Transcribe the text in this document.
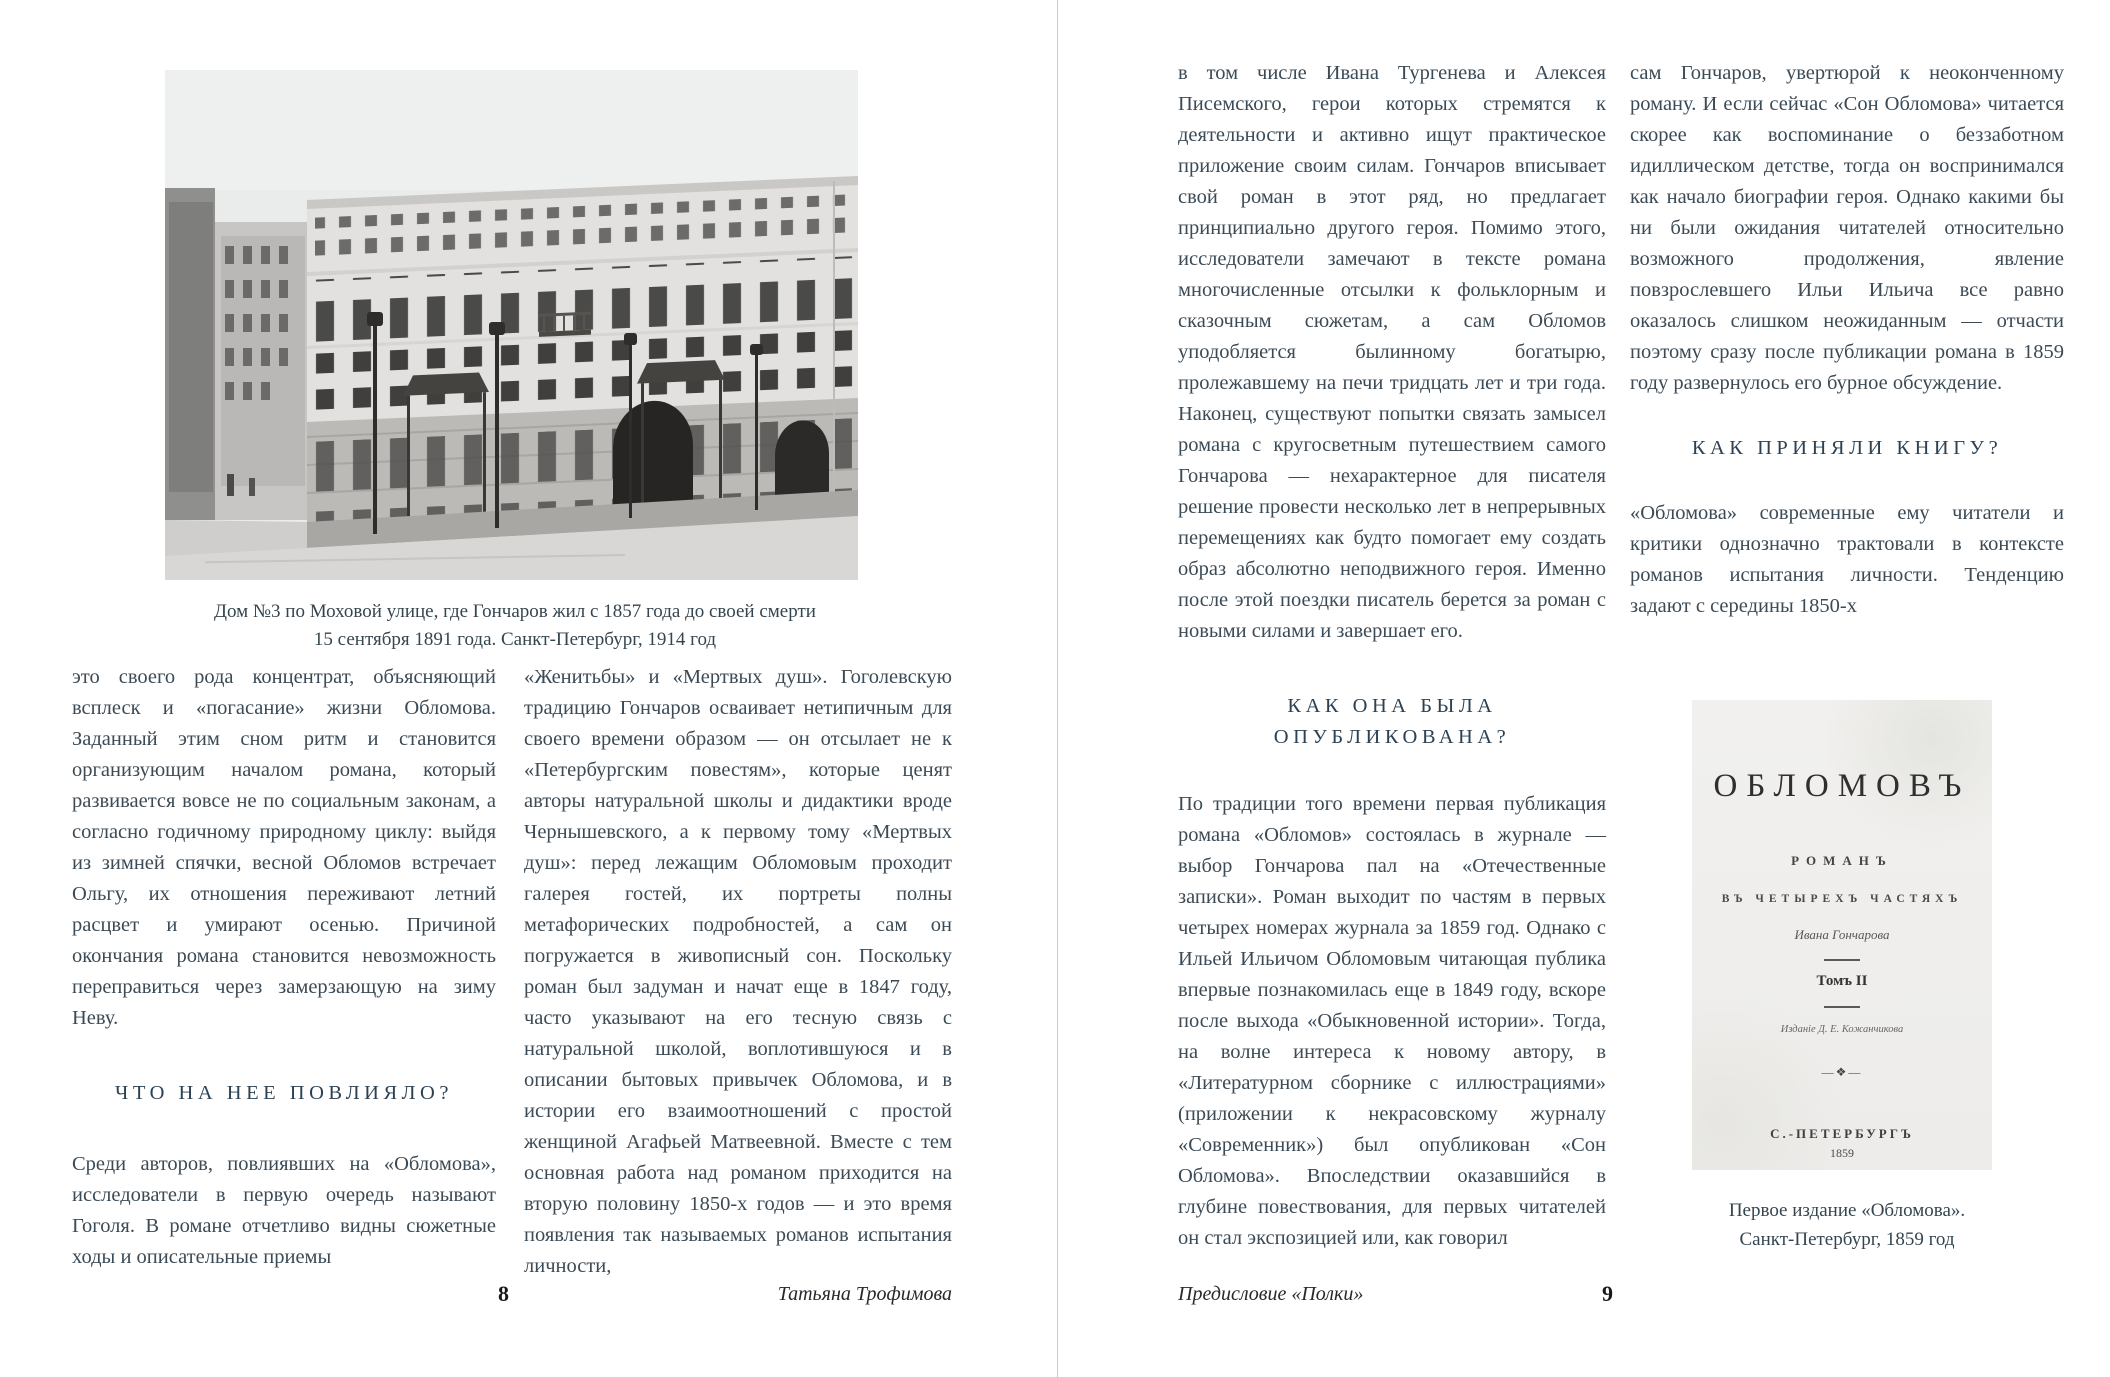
Дом №3 по Моховой улице, где Гончаров жил с 1857 года до своей смерти
15 сентября 1891 года. Санкт-Петербург, 1914 год

это своего рода концентрат, объясняющий всплеск и «погасание» жизни Обломова. Заданный этим сном ритм и становится организующим началом романа, который развивается вовсе не по социальным законам, а согласно годичному природному циклу: выйдя из зимней спячки, весной Обломов встречает Ольгу, их отношения переживают летний расцвет и умирают осенью. Причиной окончания романа становится невозможность переправиться через замерзающую на зиму Неву.

ЧТО НА НЕЕ ПОВЛИЯЛО?

Среди авторов, повлиявших на «Обломова», исследователи в первую очередь называют Гоголя. В романе отчетливо видны сюжетные ходы и описательные приемы

«Женитьбы» и «Мертвых душ». Гоголевскую традицию Гончаров осваивает нетипичным для своего времени образом — он отсылает не к «Петербургским повестям», которые ценят авторы натуральной школы и дидактики вроде Чернышевского, а к первому тому «Мертвых душ»: перед лежащим Обломовым проходит галерея гостей, их портреты полны метафорических подробностей, а сам он погружается в живописный сон. Поскольку роман был задуман и начат еще в 1847 году, часто указывают на его тесную связь с натуральной школой, воплотившуюся и в описании бытовых привычек Обломова, и в истории его взаимоотношений с простой женщиной Агафьей Матвеевной. Вместе с тем основная работа над романом приходится на вторую половину 1850-х годов — и это время появления так называемых романов испытания личности,

8	Татьяна Трофимова

в том числе Ивана Тургенева и Алексея Писемского, герои которых стремятся к деятельности и активно ищут практическое приложение своим силам. Гончаров вписывает свой роман в этот ряд, но предлагает принципиально другого героя. Помимо этого, исследователи замечают в тексте романа многочисленные отсылки к фольклорным и сказочным сюжетам, а сам Обломов уподобляется былинному богатырю, пролежавшему на печи тридцать лет и три года. Наконец, существуют попытки связать замысел романа с кругосветным путешествием самого Гончарова — нехарактерное для писателя решение провести несколько лет в непрерывных перемещениях как будто помогает ему создать образ абсолютно неподвижного героя. Именно после этой поездки писатель берется за роман с новыми силами и завершает его.

КАК ОНА БЫЛА
ОПУБЛИКОВАНА?

По традиции того времени первая публикация романа «Обломов» состоялась в журнале — выбор Гончарова пал на «Отечественные записки». Роман выходит по частям в первых четырех номерах журнала за 1859 год. Однако с Ильей Ильичом Обломовым читающая публика впервые познакомилась еще в 1849 году, вскоре после выхода «Обыкновенной истории». Тогда, на волне интереса к новому автору, в «Литературном сборнике с иллюстрациями» (приложении к некрасовскому журналу «Современник») был опубликован «Сон Обломова». Впоследствии оказавшийся в глубине повествования, для первых читателей он стал экспозицией или, как говорил

сам Гончаров, увертюрой к неоконченному роману. И если сейчас «Сон Обломова» читается скорее как воспоминание о беззаботном идиллическом детстве, тогда он воспринимался как начало биографии героя. Однако какими бы ни были ожидания читателей относительно возможного продолжения, явление повзрослевшего Ильи Ильича все равно оказалось слишком неожиданным — отчасти поэтому сразу после публикации романа в 1859 году развернулось его бурное обсуждение.

КАК ПРИНЯЛИ КНИГУ?

«Обломова» современные ему читатели и критики однозначно трактовали в контексте романов испытания личности. Тенденцию задают с середины 1850-х

ОБЛОМОВЪ
РОМАНЪ
ВЪ ЧЕТЫРЕХЪ ЧАСТЯХЪ
Ивана Гончарова
Томъ II
Изданіе Д. Е. Кожанчикова
—❖—
С.-ПЕТЕРБУРГЪ
1859
Первое издание «Обломова».
Санкт-Петербург, 1859 год
Предисловие «Полки»	9
